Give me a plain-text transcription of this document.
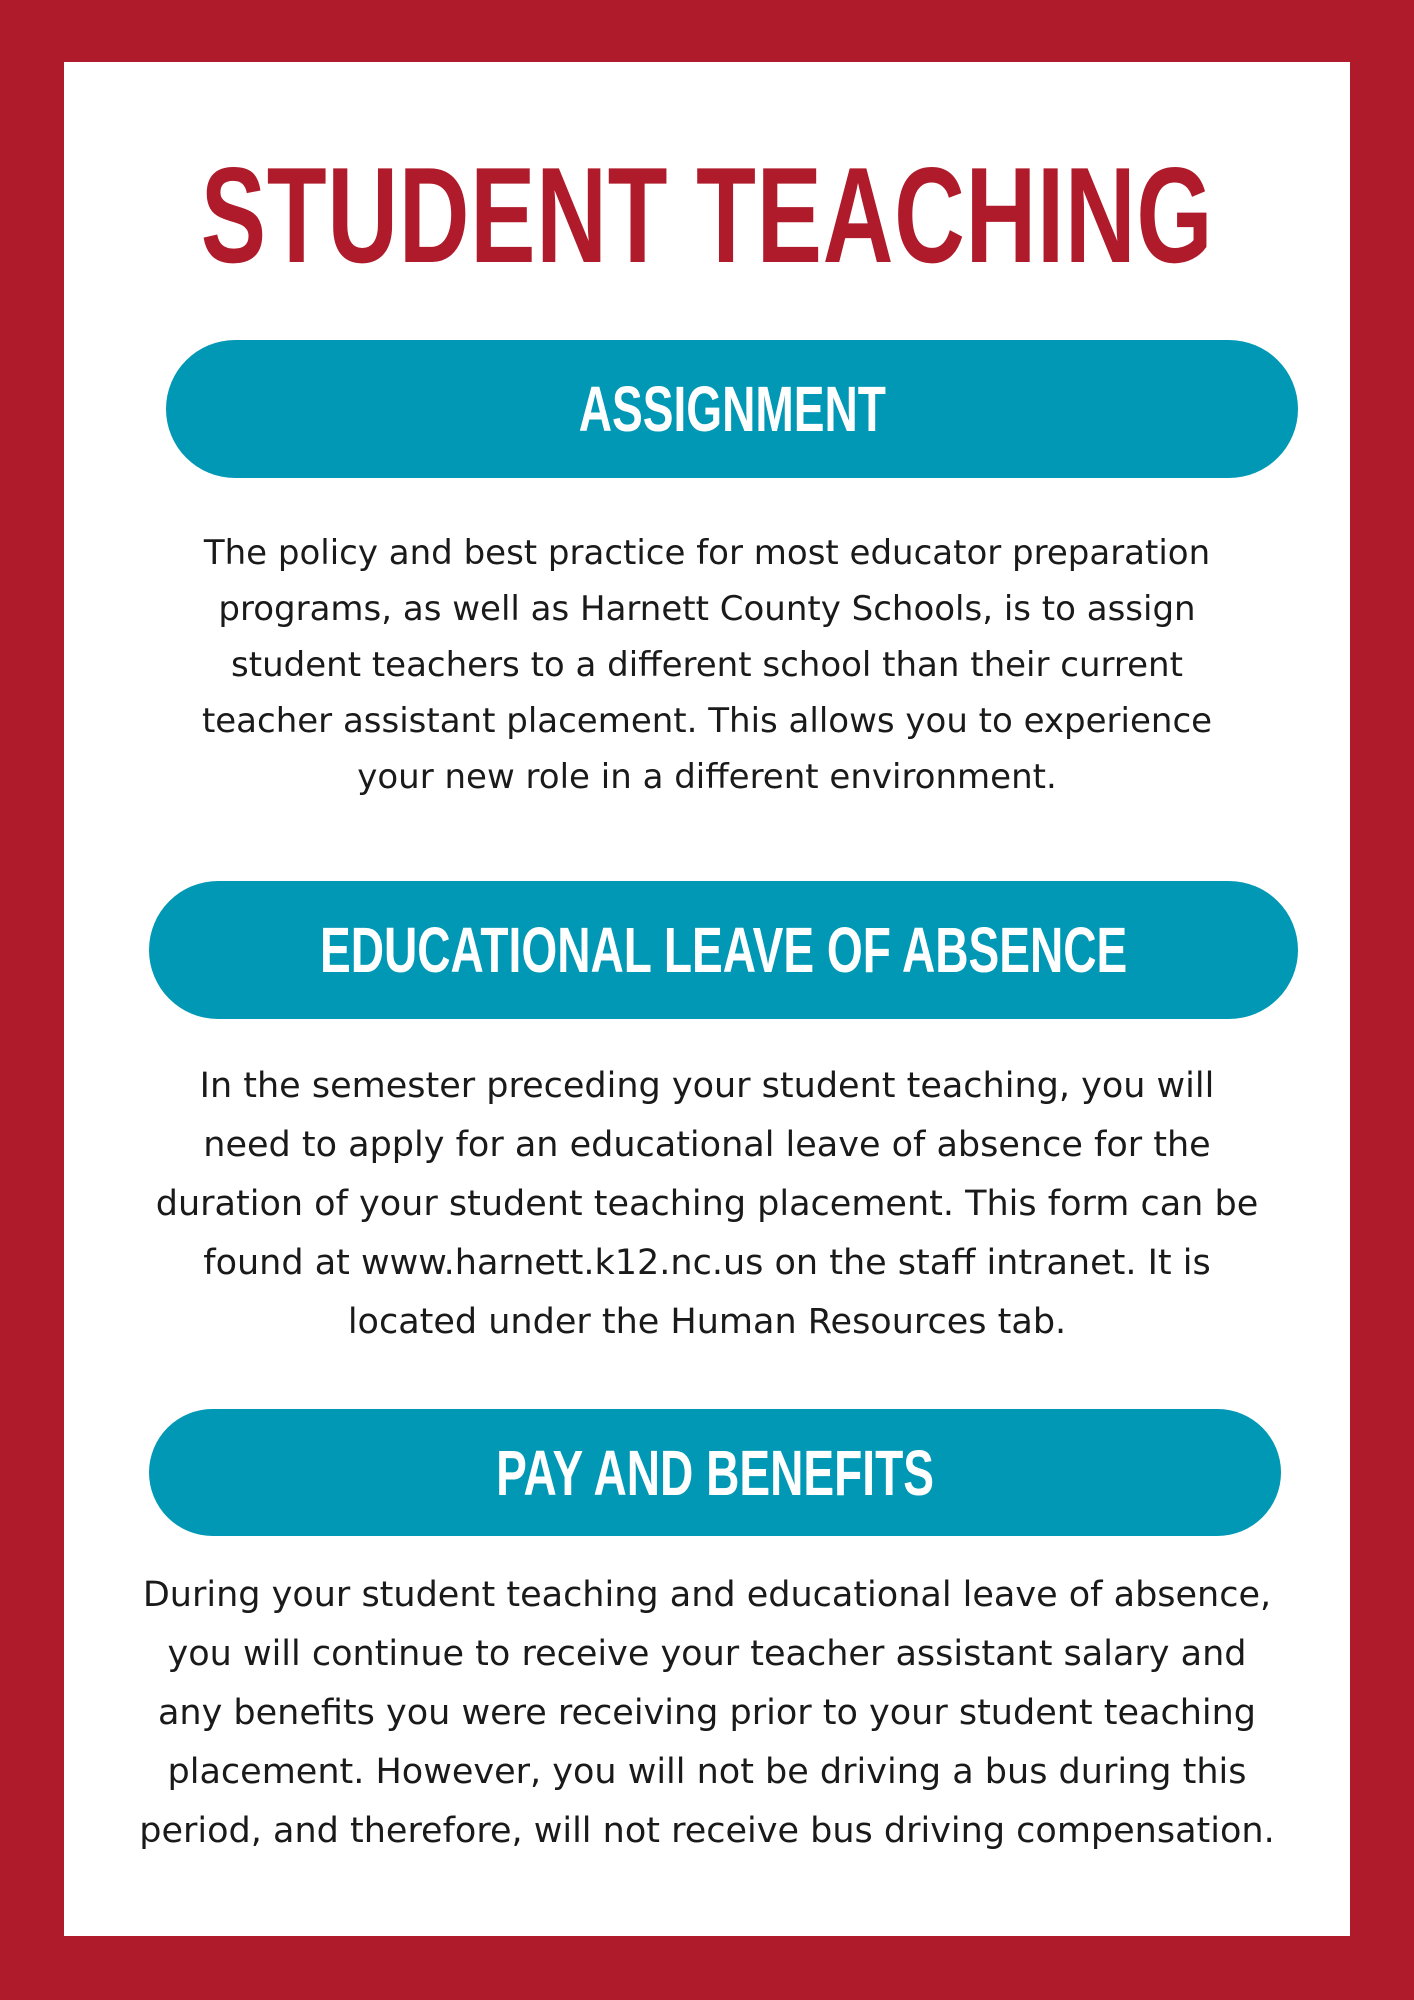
STUDENT TEACHING
ASSIGNMENT

The policy and best practice for most educator preparation programs, as well as Harnett County Schools, is to assign student teachers to a different school than their current teacher assistant placement. This allows you to experience your new role in a different environment.

EDUCATIONAL LEAVE OF ABSENCE

In the semester preceding your student teaching, you will need to apply for an educational leave of absence for the duration of your student teaching placement. This form can be found at www.harnett.k12.nc.us on the staff intranet. It is located under the Human Resources tab.

PAY AND BENEFITS

During your student teaching and educational leave of absence, you will continue to receive your teacher assistant salary and any benefits you were receiving prior to your student teaching placement. However, you will not be driving a bus during this period, and therefore, will not receive bus driving compensation.
